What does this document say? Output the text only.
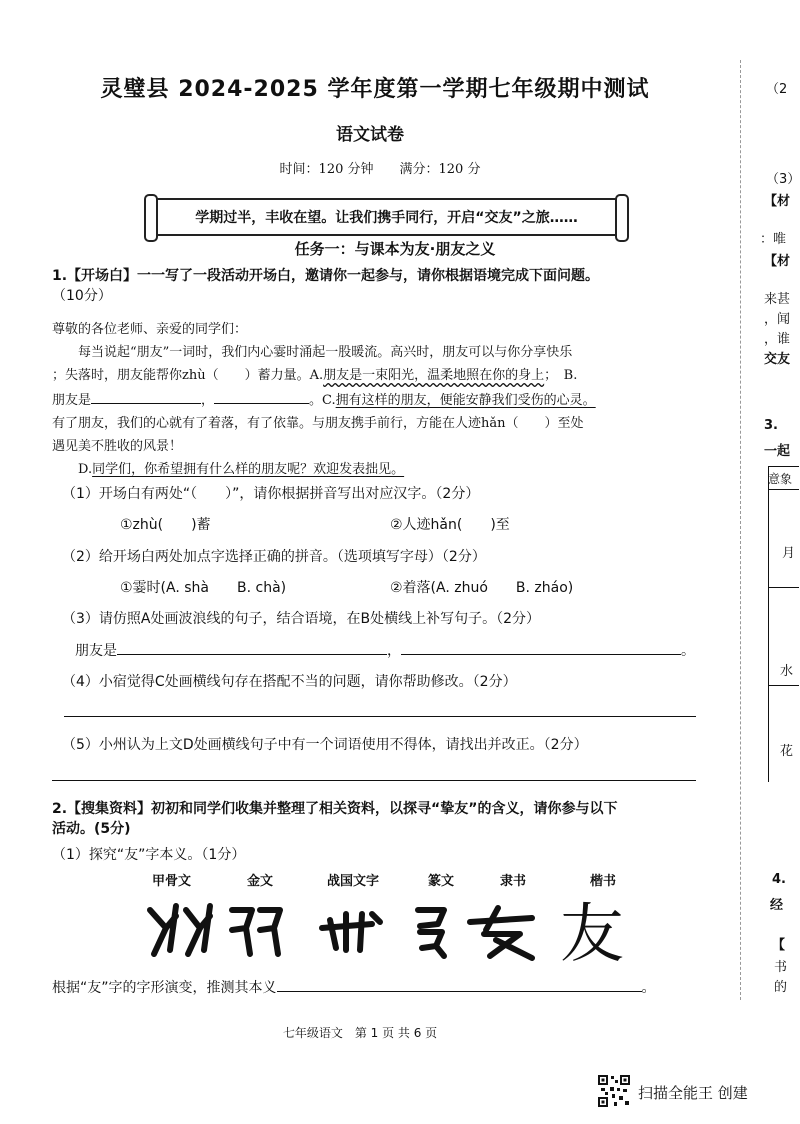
灵璧县 2024-2025 学年度第一学期七年级期中测试
语文试卷
时间：120 分钟　　满分：120 分
学期过半，丰收在望。让我们携手同行，开启“交友”之旅……
任务一：与课本为友·朋友之义
1.【开场白】一一写了一段活动开场白，邀请你一起参与，请你根据语境完成下面问题。
（10分）
尊敬的各位老师、亲爱的同学们：
每当说起“朋友”一词时，我们内心霎时涌起一股暖流。高兴时，朋友可以与你分享快乐
；失落时，朋友能帮你zhù（　　）蓄力量。A.朋友是一束阳光，温柔地照在你的身上；　B.
朋友是	，	。C.拥有这样的朋友，便能安静我们受伤的心灵。
有了朋友，我们的心就有了着落，有了依靠。与朋友携手前行，方能在人迹hǎn（　　）至处
遇见美不胜收的风景！
D.同学们，你希望拥有什么样的朋友呢？欢迎发表拙见。
（1）开场白有两处“（　　）”，请你根据拼音写出对应汉字。（2分）
①zhù(　　)蓄	②人迹hǎn(　　)至
（2）给开场白两处加点字选择正确的拼音。（选项填写字母）（2分）
①霎时(A. shà　　B. chà)	②着落(A. zhuó　　B. zháo)
（3）请仿照A处画波浪线的句子，结合语境，在B处横线上补写句子。（2分）
朋友是	，	。
（4）小宿觉得C处画横线句存在搭配不当的问题，请你帮助修改。（2分）
（5）小州认为上文D处画横线句子中有一个词语使用不得体，请找出并改正。（2分）
2.【搜集资料】初初和同学们收集并整理了相关资料，以探寻“挚友”的含义，请你参与以下
活动。(5分)
（1）探究“友”字本义。（1分）
甲骨文	金文	战国文字	篆文	隶书	楷书
友
根据“友”字的字形演变，推测其本义	。
七年级语文　第 1 页 共 6 页
（2
（3）
【材
：唯
【材
来甚
，闻
，谁
交友
3.
一起
意象
月
水
花
4.
经
【
书
的
扫描全能王 创建
